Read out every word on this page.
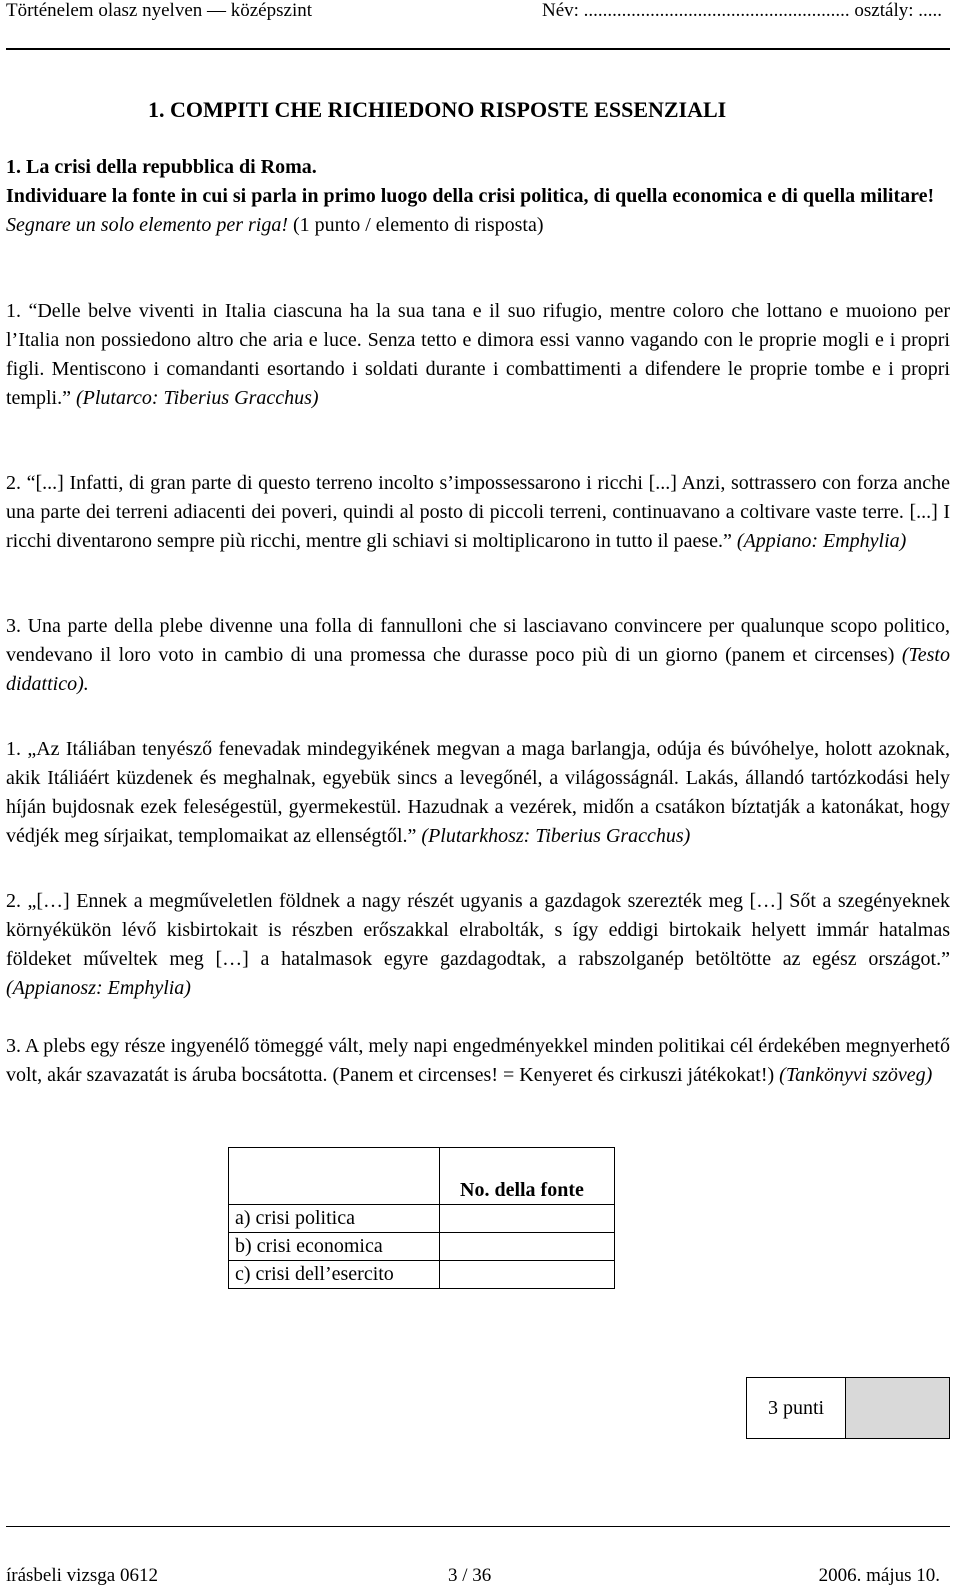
Történelem olasz nyelven — középszint	Név: ........................................................ osztály: .....
1. COMPITI CHE RICHIEDONO RISPOSTE ESSENZIALI
1. La crisi della repubblica di Roma.
Individuare la fonte in cui si parla in primo luogo della crisi politica, di quella economica e di quella militare! Segnare un solo elemento per riga! (1 punto / elemento di risposta)
1. “Delle belve viventi in Italia ciascuna ha la sua tana e il suo rifugio, mentre coloro che lottano e muoiono per l’Italia non possiedono altro che aria e luce. Senza tetto e dimora essi vanno vagando con le proprie mogli e i propri figli. Mentiscono i comandanti esortando i soldati durante i combattimenti a difendere le proprie tombe e i propri templi.” (Plutarco: Tiberius Gracchus)
2. “[...] Infatti, di gran parte di questo terreno incolto s’impossessarono i ricchi [...] Anzi, sottrassero con forza anche una parte dei terreni adiacenti dei poveri, quindi al posto di piccoli terreni, continuavano a coltivare vaste terre. [...] I ricchi diventarono sempre più ricchi, mentre gli schiavi si moltiplicarono in tutto il paese.” (Appiano: Emphylia)
3. Una parte della plebe divenne una folla di fannulloni che si lasciavano convincere per qualunque scopo politico, vendevano il loro voto in cambio di una promessa che durasse poco più di un giorno (panem et circenses) (Testo didattico).
1. „Az Itáliában tenyésző fenevadak mindegyikének megvan a maga barlangja, odúja és búvóhelye, holott azoknak, akik Itáliáért küzdenek és meghalnak, egyebük sincs a levegőnél, a világosságnál. Lakás, állandó tartózkodási hely híján bujdosnak ezek feleségestül, gyermekestül. Hazudnak a vezérek, midőn a csatákon bíztatják a katonákat, hogy védjék meg sírjaikat, templomaikat az ellenségtől.” (Plutarkhosz: Tiberius Gracchus)
2. „[…] Ennek a megműveletlen földnek a nagy részét ugyanis a gazdagok szerezték meg […] Sőt a szegényeknek környékükön lévő kisbirtokait is részben erőszakkal elrabolták, s így eddigi birtokaik helyett immár hatalmas földeket műveltek meg […] a hatalmasok egyre gazdagodtak, a rabszolganép betöltötte az egész országot.” (Appianosz: Emphylia)
3. A plebs egy része ingyenélő tömeggé vált, mely napi engedményekkel minden politikai cél érdekében megnyerhető volt, akár szavazatát is áruba bocsátotta. (Panem et circenses! = Kenyeret és cirkuszi játékokat!) (Tankönyvi szöveg)
	No. della fonte
a) crisi politica	
b) crisi economica	
c) crisi dell’esercito	
3 punti
írásbeli vizsga 0612	3 / 36	2006. május 10.
